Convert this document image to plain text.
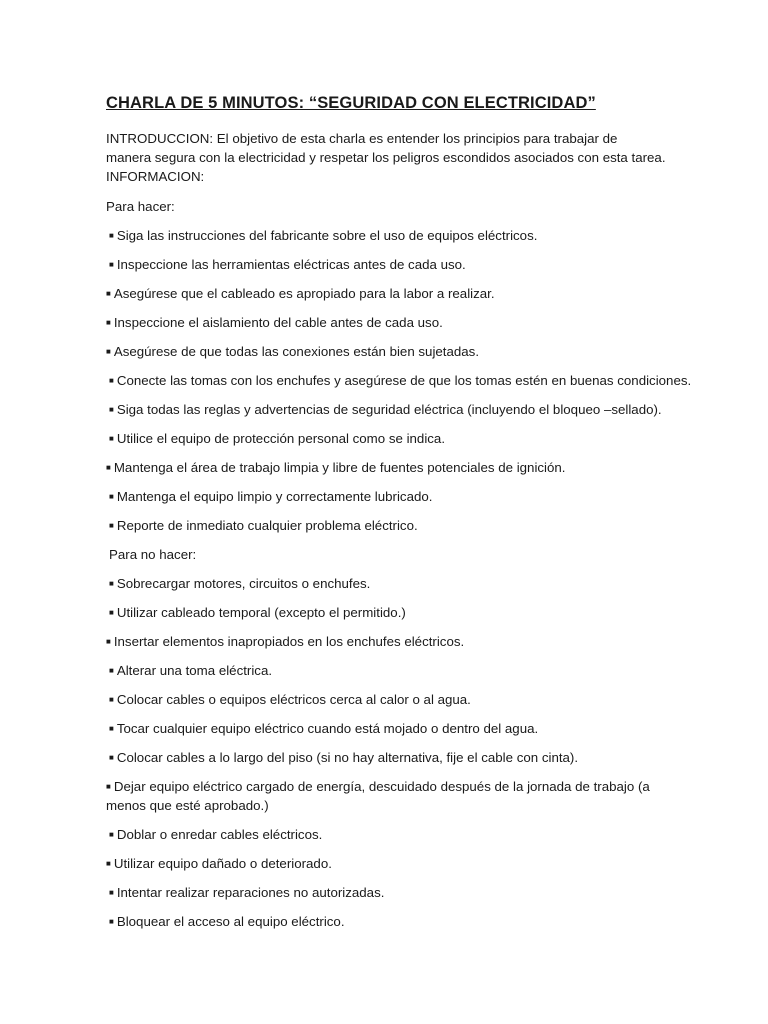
CHARLA DE 5 MINUTOS: “SEGURIDAD CON ELECTRICIDAD”

INTRODUCCION: El objetivo de esta charla es entender los principios para trabajar de manera segura con la electricidad y respetar los peligros escondidos asociados con esta tarea.

INFORMACION:

Para hacer:

■ Siga las instrucciones del fabricante sobre el uso de equipos eléctricos.
■ Inspeccione las herramientas eléctricas antes de cada uso.
■ Asegúrese que el cableado es apropiado para la labor a realizar.
■ Inspeccione el aislamiento del cable antes de cada uso.
■ Asegúrese de que todas las conexiones están bien sujetadas.
■ Conecte las tomas con los enchufes y asegúrese de que los tomas estén en buenas condiciones.
■ Siga todas las reglas y advertencias de seguridad eléctrica (incluyendo el bloqueo –sellado).
■ Utilice el equipo de protección personal como se indica.
■ Mantenga el área de trabajo limpia y libre de fuentes potenciales de ignición.
■ Mantenga el equipo limpio y correctamente lubricado.
■ Reporte de inmediato cualquier problema eléctrico.

Para no hacer:

■ Sobrecargar motores, circuitos o enchufes.
■ Utilizar cableado temporal (excepto el permitido.)
■ Insertar elementos inapropiados en los enchufes eléctricos.
■ Alterar una toma eléctrica.
■ Colocar cables o equipos eléctricos cerca al calor o al agua.
■ Tocar cualquier equipo eléctrico cuando está mojado o dentro del agua.
■ Colocar cables a lo largo del piso (si no hay alternativa, fije el cable con cinta).
■ Dejar equipo eléctrico cargado de energía, descuidado después de la jornada de trabajo (a menos que esté aprobado.)
■ Doblar o enredar cables eléctricos.
■ Utilizar equipo dañado o deteriorado.
■ Intentar realizar reparaciones no autorizadas.
■ Bloquear el acceso al equipo eléctrico.
